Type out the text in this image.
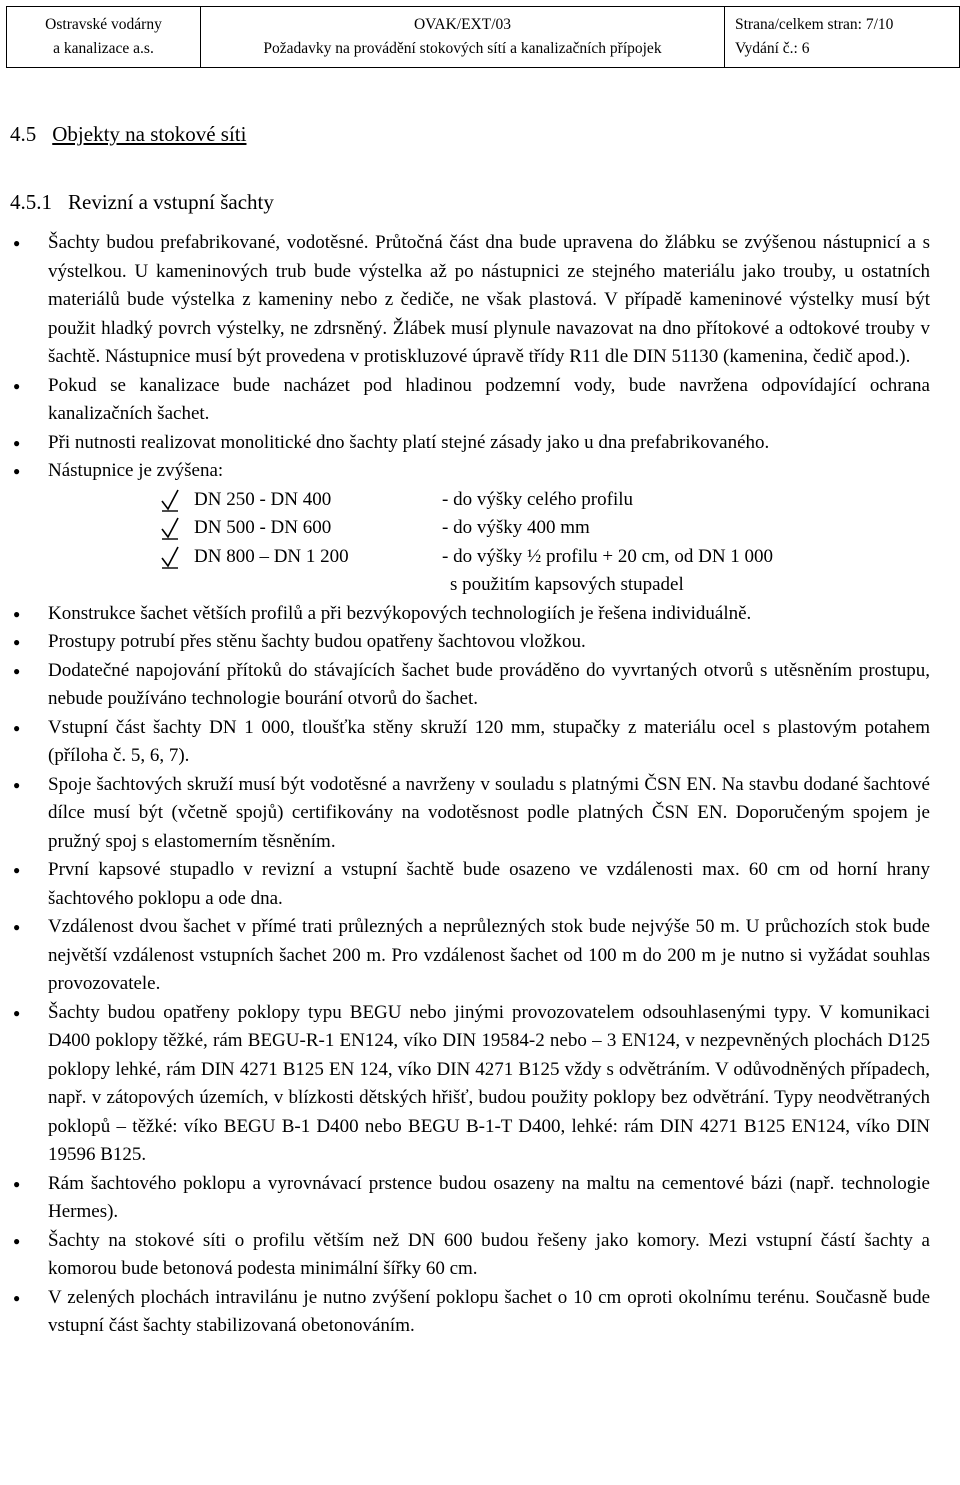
Ostravské vodárny
a kanalizace a.s.
OVAK/EXT/03
Požadavky na provádění stokových sítí a kanalizačních přípojek
Strana/celkem stran: 7/10
Vydání č.: 6
4.5 Objekty na stokové síti
4.5.1 Revizní a vstupní šachty
● Šachty budou prefabrikované, vodotěsné. Průtočná část dna bude upravena do žlábku se zvýšenou nástupnicí a s výstelkou. U kameninových trub bude výstelka až po nástupnici ze stejného materiálu jako trouby, u ostatních materiálů bude výstelka z kameniny nebo z čediče, ne však plastová. V případě kameninové výstelky musí být použit hladký povrch výstelky, ne zdrsněný. Žlábek musí plynule navazovat na dno přítokové a odtokové trouby v šachtě. Nástupnice musí být provedena v protiskluzové úpravě třídy R11 dle DIN 51130 (kamenina, čedič apod.).
● Pokud se kanalizace bude nacházet pod hladinou podzemní vody, bude navržena odpovídající ochrana kanalizačních šachet.
● Při nutnosti realizovat monolitické dno šachty platí stejné zásady jako u dna prefabrikovaného.
● Nástupnice je zvýšena:
DN 250 - DN 400	- do výšky celého profilu
DN 500 - DN 600	- do výšky 400 mm
DN 800 – DN 1 200	- do výšky ½ profilu + 20 cm, od DN 1 000
s použitím kapsových stupadel
● Konstrukce šachet větších profilů a při bezvýkopových technologiích je řešena individuálně.
● Prostupy potrubí přes stěnu šachty budou opatřeny šachtovou vložkou.
● Dodatečné napojování přítoků do stávajících šachet bude prováděno do vyvrtaných otvorů s utěsněním prostupu, nebude používáno technologie bourání otvorů do šachet.
● Vstupní část šachty DN 1 000, tloušťka stěny skruží 120 mm, stupačky z materiálu ocel s plastovým potahem (příloha č. 5, 6, 7).
● Spoje šachtových skruží musí být vodotěsné a navrženy v souladu s platnými ČSN EN. Na stavbu dodané šachtové dílce musí být (včetně spojů) certifikovány na vodotěsnost podle platných ČSN EN. Doporučeným spojem je pružný spoj s elastomerním těsněním.
● První kapsové stupadlo v revizní a vstupní šachtě bude osazeno ve vzdálenosti max. 60 cm od horní hrany šachtového poklopu a ode dna.
● Vzdálenost dvou šachet v přímé trati průlezných a neprůlezných stok bude nejvýše 50 m. U průchozích stok bude největší vzdálenost vstupních šachet 200 m. Pro vzdálenost šachet od 100 m do 200 m je nutno si vyžádat souhlas provozovatele.
● Šachty budou opatřeny poklopy typu BEGU nebo jinými provozovatelem odsouhlasenými typy. V komunikaci D400 poklopy těžké, rám BEGU-R-1 EN124, víko DIN 19584-2 nebo – 3 EN124, v nezpevněných plochách D125 poklopy lehké, rám DIN 4271 B125 EN 124, víko DIN 4271 B125 vždy s odvětráním. V odůvodněných případech, např. v zátopových územích, v blízkosti dětských hřišť, budou použity poklopy bez odvětrání. Typy neodvětraných poklopů – těžké: víko BEGU B-1 D400 nebo BEGU B-1-T D400, lehké: rám DIN 4271 B125 EN124, víko DIN 19596 B125.
● Rám šachtového poklopu a vyrovnávací prstence budou osazeny na maltu na cementové bázi (např. technologie Hermes).
● Šachty na stokové síti o profilu větším než DN 600 budou řešeny jako komory. Mezi vstupní částí šachty a komorou bude betonová podesta minimální šířky 60 cm.
● V zelených plochách intravilánu je nutno zvýšení poklopu šachet o 10 cm oproti okolnímu terénu. Současně bude vstupní část šachty stabilizovaná obetonováním.
